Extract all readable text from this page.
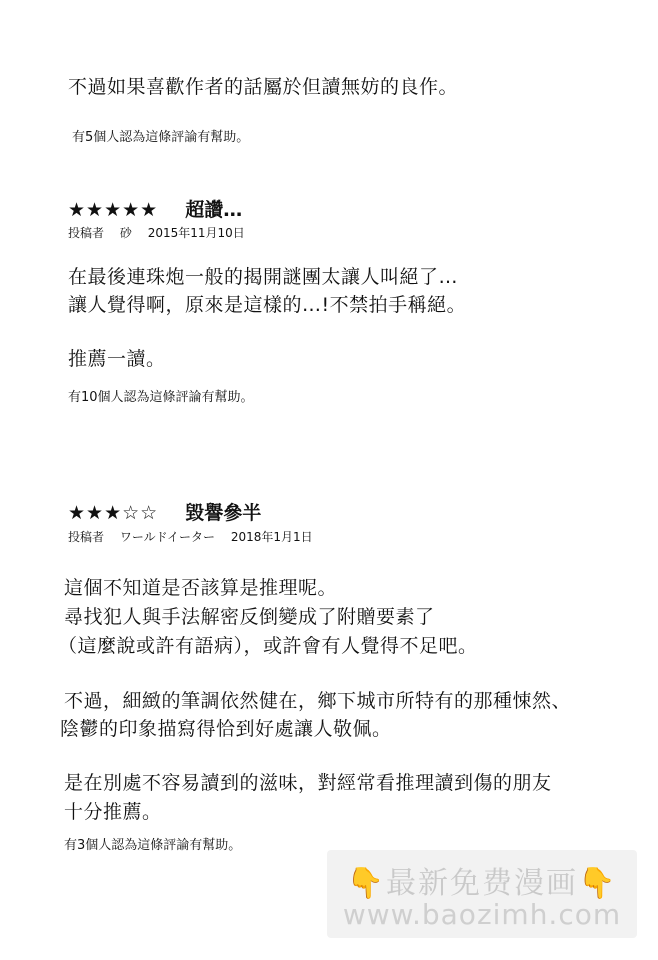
不過如果喜歡作者的話屬於但讀無妨的良作。
有5個人認為這條評論有幫助。
★★★★★ 超讚…
投稿者 砂 2015年11月10日
在最後連珠炮一般的揭開謎團太讓人叫絕了…
讓人覺得啊，原來是這樣的…!不禁拍手稱絕。
推薦一讀。
有10個人認為這條評論有幫助。
★★★☆☆ 毀譽參半
投稿者 ワールドイーター 2018年1月1日
這個不知道是否該算是推理呢。
尋找犯人與手法解密反倒變成了附贈要素了
（這麼說或許有語病），或許會有人覺得不足吧。
不過，細緻的筆調依然健在，鄉下城市所特有的那種悚然、
陰鬱的印象描寫得恰到好處讓人敬佩。
是在別處不容易讀到的滋味，對經常看推理讀到傷的朋友
十分推薦。
有3個人認為這條評論有幫助。
👇最新免费漫画👇
www.baozimh.com
